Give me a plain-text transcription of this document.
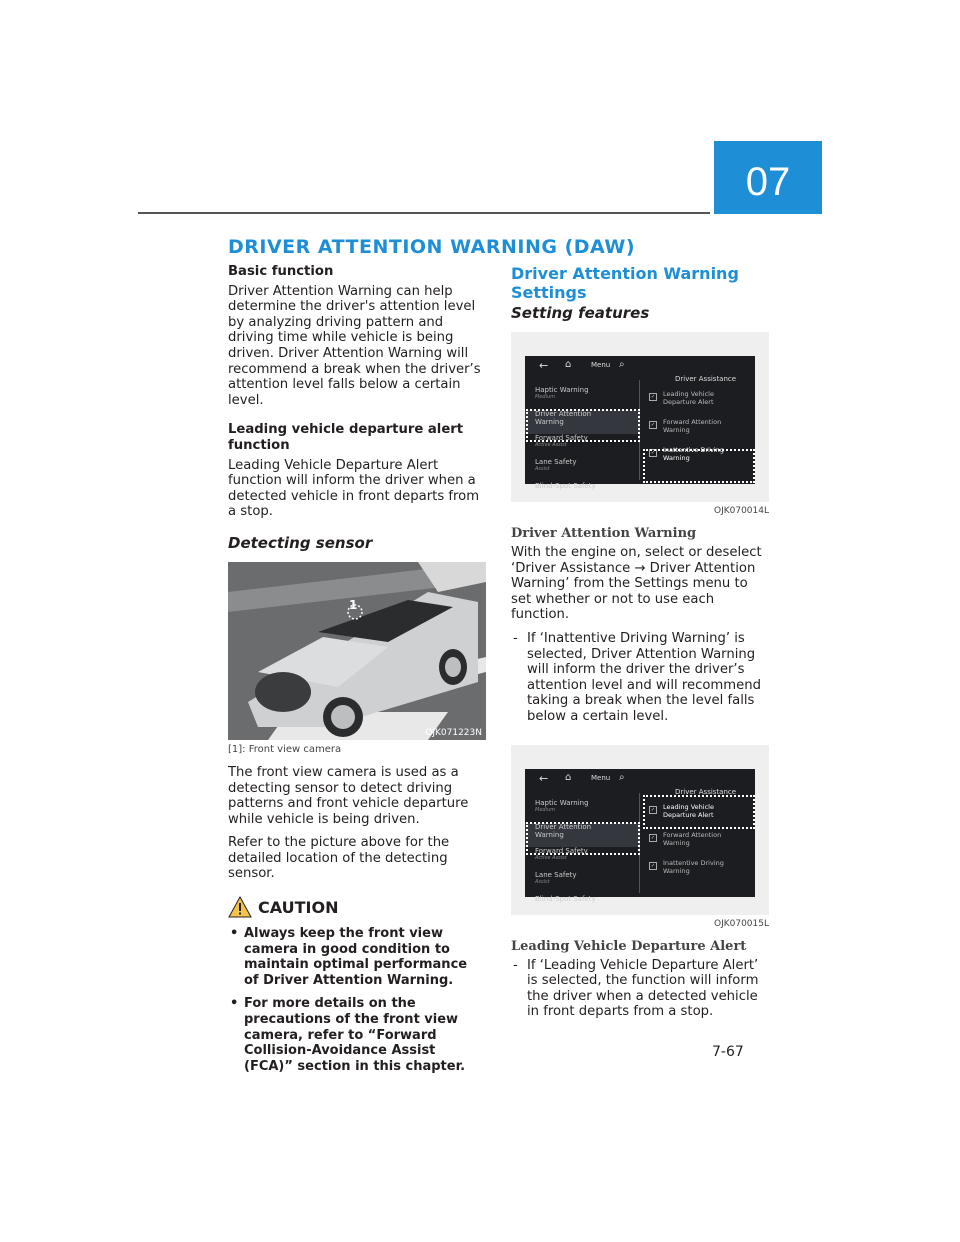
07
DRIVER ATTENTION WARNING (DAW)
Basic function

Driver Attention Warning can help determine the driver's attention level by analyzing driving pattern and driving time while vehicle is being driven. Driver Attention Warning will recommend a break when the driver’s attention level falls below a certain level.

Leading vehicle departure alert function

Leading Vehicle Departure Alert function will inform the driver when a detected vehicle in front departs from a stop.

Detecting sensor
1
OJK071223N
[1]: Front view camera

The front view camera is used as a detecting sensor to detect driving patterns and front vehicle departure while vehicle is being driven.

Refer to the picture above for the detailed location of the detecting sensor.

CAUTION
• Always keep the front view camera in good condition to maintain optimal performance of Driver Attention Warning.
• For more details on the precautions of the front view camera, refer to “Forward Collision-Avoidance Assist (FCA)” section in this chapter.
Driver Attention Warning Settings
Setting features
← ⌂	Menu ⌕
Driver Assistance
Haptic Warning
Medium
Driver Attention Warning
Forward Safety
Active Assist
Lane Safety
Assist
Blind-Spot Safety
✓ Leading Vehicle Departure Alert
✓ Forward Attention Warning
✓ Inattentive Driving Warning
OJK070014L
Driver Attention Warning

With the engine on, select or deselect ‘Driver Assistance → Driver Attention Warning’ from the Settings menu to set whether or not to use each function.

- If ‘Inattentive Driving Warning’ is selected, Driver Attention Warning will inform the driver the driver’s attention level and will recommend taking a break when the level falls below a certain level.
← ⌂	Menu ⌕
Driver Assistance
Haptic Warning
Medium
Driver Attention Warning
Forward Safety
Active Assist
Lane Safety
Assist
Blind-Spot Safety
✓ Leading Vehicle Departure Alert
✓ Forward Attention Warning
✓ Inattentive Driving Warning
OJK070015L
Leading Vehicle Departure Alert
- If ‘Leading Vehicle Departure Alert’ is selected, the function will inform the driver when a detected vehicle in front departs from a stop.
7-67
